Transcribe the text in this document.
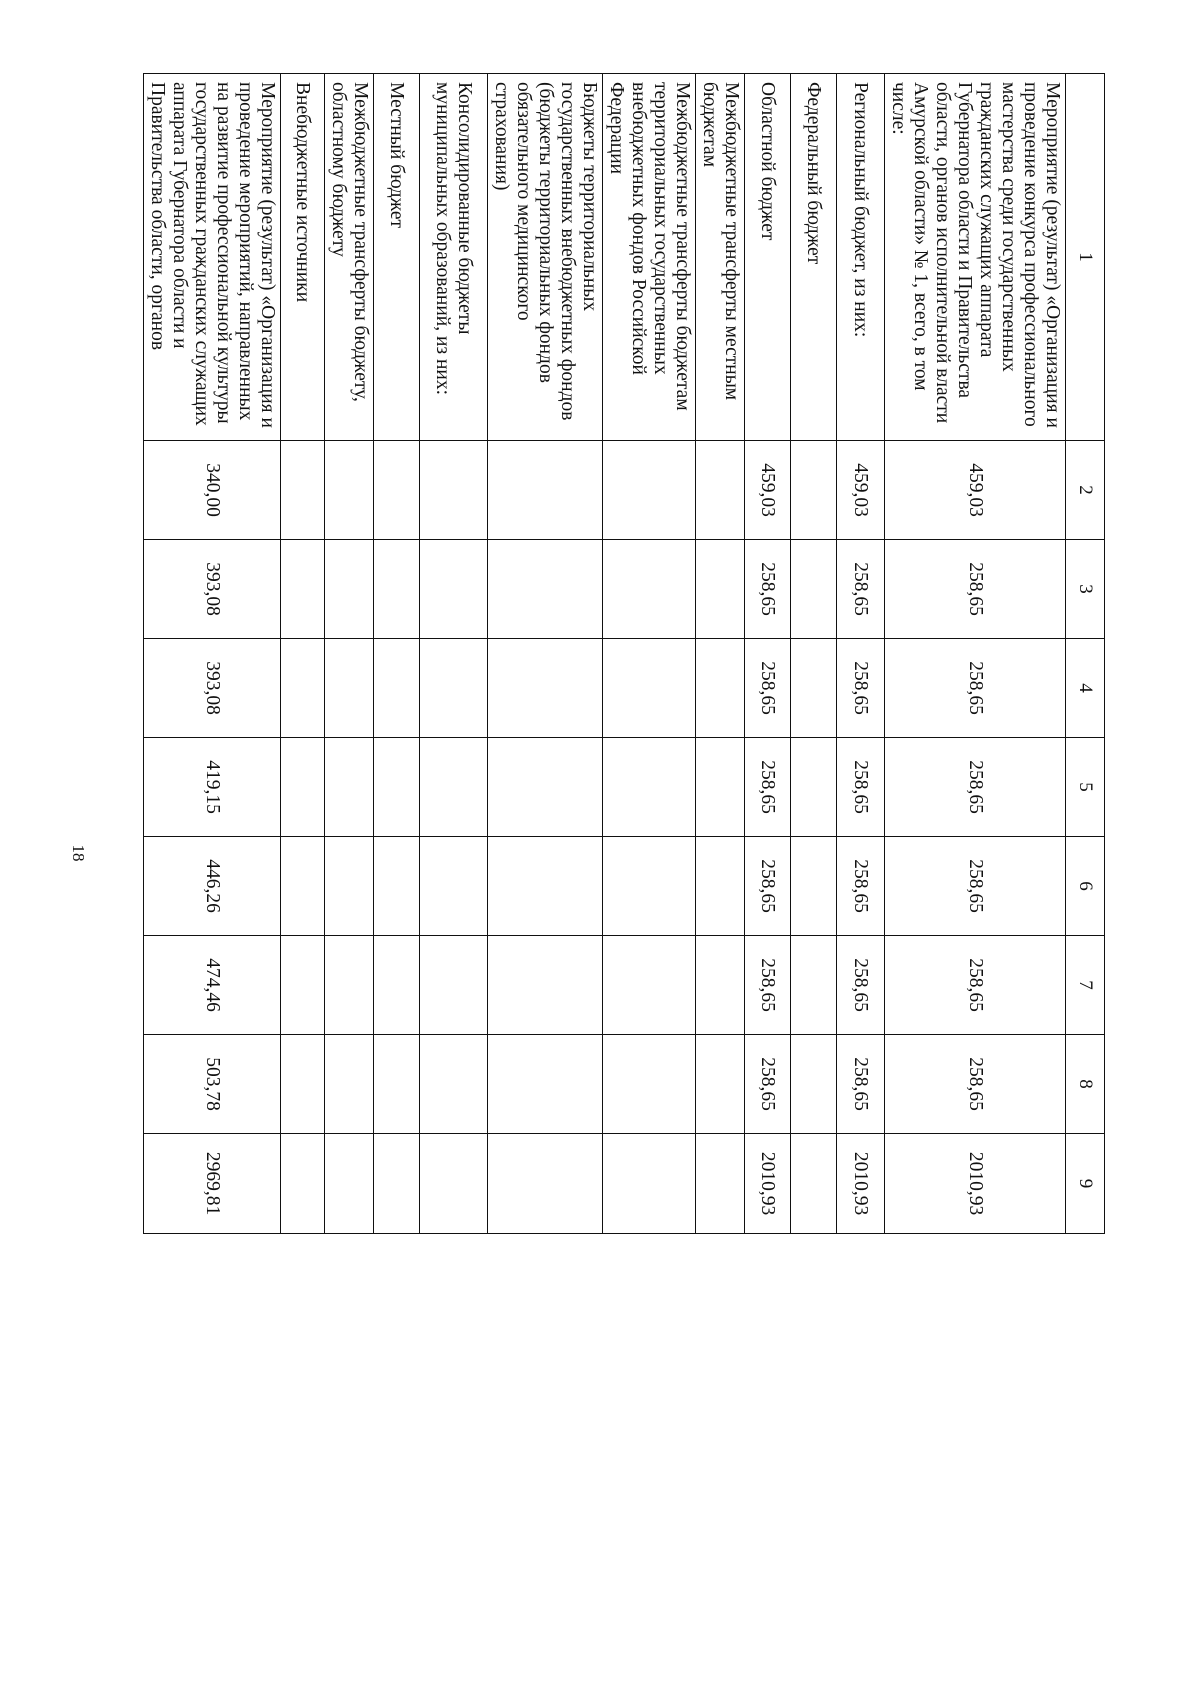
18
1	2	3	4	5	6	7	8	9
Мероприятие (результат) «Организация и проведение конкурса профессионального мастерства среди государственных гражданских служащих аппарата Губернатора области и Правительства области, органов исполнительной власти Амурской области» № 1, всего, в том числе:	459,03	258,65	258,65	258,65	258,65	258,65	258,65	2010,93
Региональный бюджет, из них:	459,03	258,65	258,65	258,65	258,65	258,65	258,65	2010,93
Федеральный бюджет								
Областной бюджет	459,03	258,65	258,65	258,65	258,65	258,65	258,65	2010,93
Межбюджетные трансферты местным бюджетам								
Межбюджетные трансферты бюджетам территориальных государственных внебюджетных фондов Российской Федерации								
Бюджеты территориальных государственных внебюджетных фондов (бюджеты территориальных фондов обязательного медицинского страхования)								
Консолидированные бюджеты муниципальных образований, из них:								
Местный бюджет								
Межбюджетные трансферты бюджету, областному бюджету								
Внебюджетные источники								
Мероприятие (результат) «Организация и проведение мероприятий, направленных на развитие профессиональной культуры государственных гражданских служащих аппарата Губернатора области и Правительства области, органов	340,00	393,08	393,08	419,15	446,26	474,46	503,78	2969,81
